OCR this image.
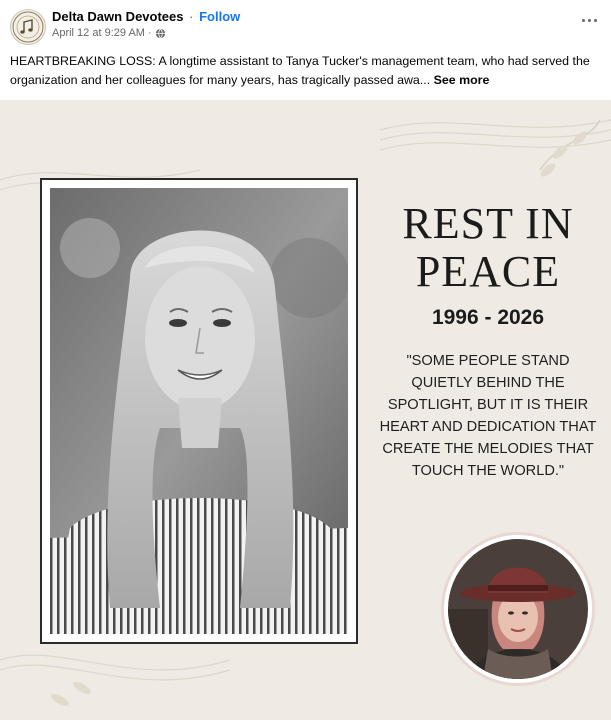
Delta Dawn Devotees · Follow
April 12 at 9:29 AM ·
HEARTBREAKING LOSS: A longtime assistant to Tanya Tucker's management team, who had served the organization and her colleagues for many years, has tragically passed awa... See more
REST IN PEACE
1996 - 2026
"SOME PEOPLE STAND QUIETLY BEHIND THE SPOTLIGHT, BUT IT IS THEIR HEART AND DEDICATION THAT CREATE THE MELODIES THAT TOUCH THE WORLD."
